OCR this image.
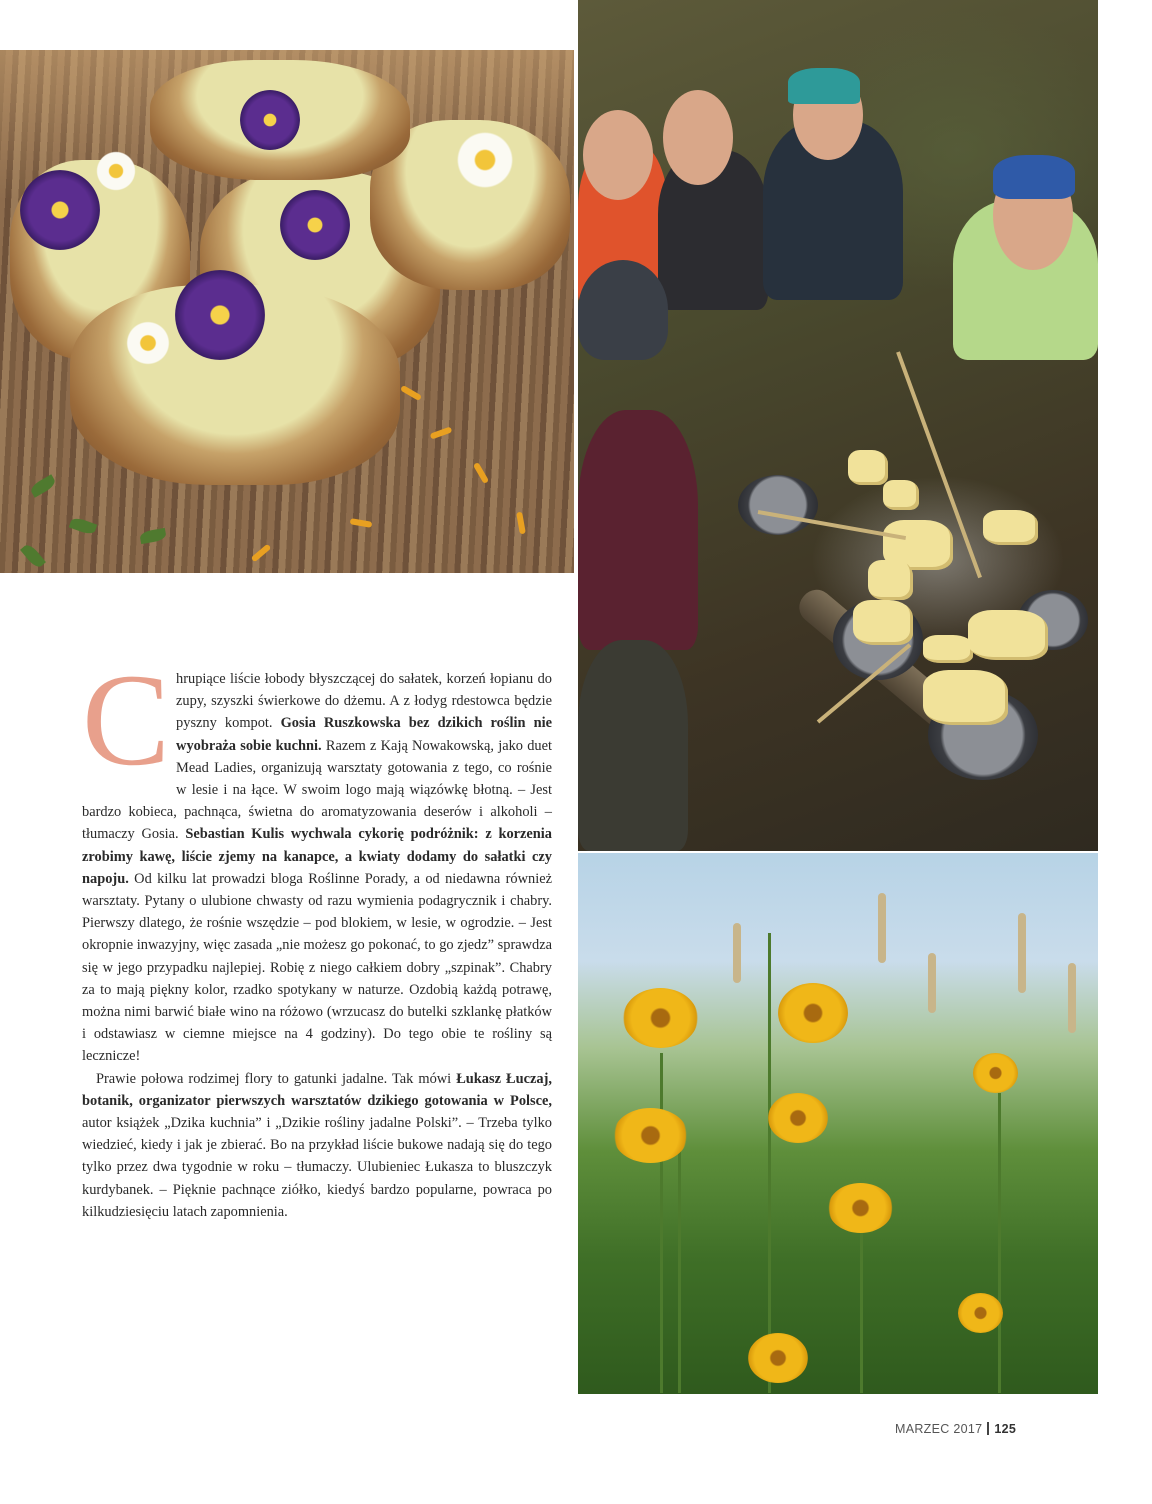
C hrupiące liście łobody błyszczącej do sałatek, korzeń łopianu do zupy, szyszki świerkowe do dżemu. A z łodyg rdestowca będzie pyszny kompot. Gosia Ruszkowska bez dzikich roślin nie wyobraża sobie kuchni. Razem z Kają Nowakowską, jako duet Mead Ladies, organizują warsztaty gotowania z tego, co rośnie w lesie i na łące. W swoim logo mają wiązówkę błotną. – Jest bardzo kobieca, pachnąca, świetna do aromatyzowania deserów i alkoholi – tłumaczy Gosia. Sebastian Kulis wychwala cykorię podróżnik: z korzenia zrobimy kawę, liście zjemy na kanapce, a kwiaty dodamy do sałatki czy napoju. Od kilku lat prowadzi bloga Roślinne Porady, a od niedawna również warsztaty. Pytany o ulubione chwasty od razu wymienia podagrycznik i chabry. Pierwszy dlatego, że rośnie wszędzie – pod blokiem, w lesie, w ogrodzie. – Jest okropnie inwazyjny, więc zasada „nie możesz go pokonać, to go zjedz” sprawdza się w jego przypadku najlepiej. Robię z niego całkiem dobry „szpinak”. Chabry za to mają piękny kolor, rzadko spotykany w naturze. Ozdobią każdą potrawę, można nimi barwić białe wino na różowo (wrzucasz do butelki szklankę płatków i odstawiasz w ciemne miejsce na 4 godziny). Do tego obie te rośliny są lecznicze!

Prawie połowa rodzimej flory to gatunki jadalne. Tak mówi Łukasz Łuczaj, botanik, organizator pierwszych warsztatów dzikiego gotowania w Polsce, autor książek „Dzika kuchnia” i „Dzikie rośliny jadalne Polski”. – Trzeba tylko wiedzieć, kiedy i jak je zbierać. Bo na przykład liście bukowe nadają się do tego tylko przez dwa tygodnie w roku – tłumaczy. Ulubieniec Łukasza to bluszczyk kurdybanek. – Pięknie pachnące ziółko, kiedyś bardzo popularne, powraca po kilkudziesięciu latach zapomnienia.

MARZEC 2017 125
